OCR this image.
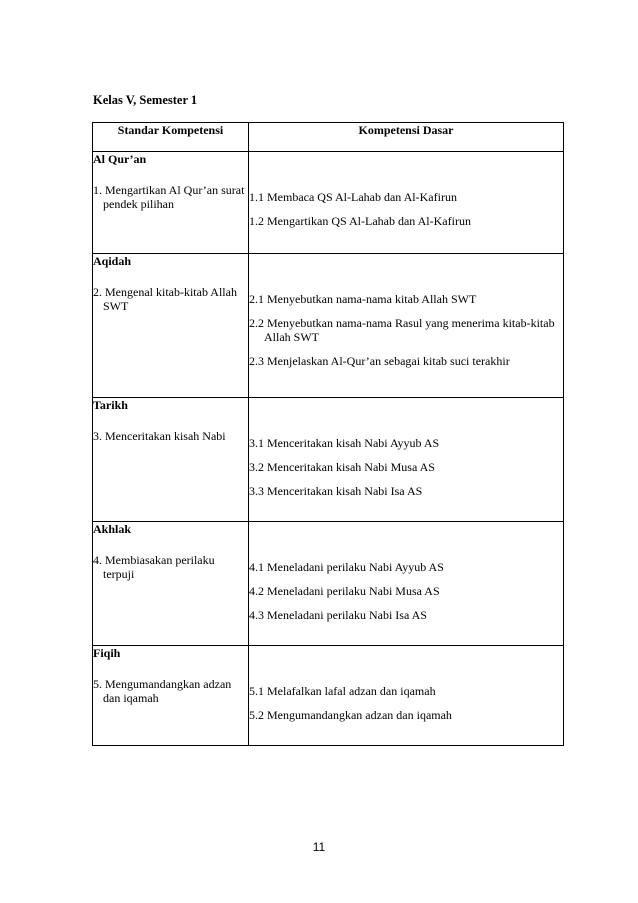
Kelas V, Semester 1
Standar Kompetensi	Kompetensi Dasar

Al Qur’an
1. Mengartikan Al Qur’an surat pendek pilihan	1.1 Membaca QS Al-Lahab dan Al-Kafirun
1.2 Mengartikan QS Al-Lahab dan Al-Kafirun

Aqidah
2. Mengenal kitab-kitab Allah SWT	2.1 Menyebutkan nama-nama kitab Allah SWT
2.2 Menyebutkan nama-nama Rasul yang menerima kitab-kitab Allah SWT
2.3 Menjelaskan Al-Qur’an sebagai kitab suci terakhir

Tarikh
3. Menceritakan kisah Nabi	3.1 Menceritakan kisah Nabi Ayyub AS
3.2 Menceritakan kisah Nabi Musa AS
3.3 Menceritakan kisah Nabi Isa AS

Akhlak
4. Membiasakan perilaku terpuji	4.1 Meneladani perilaku Nabi Ayyub AS
4.2 Meneladani perilaku Nabi Musa AS
4.3 Meneladani perilaku Nabi Isa AS

Fiqih
5. Mengumandangkan adzan dan iqamah	5.1 Melafalkan lafal adzan dan iqamah
5.2 Mengumandangkan adzan dan iqamah
11
